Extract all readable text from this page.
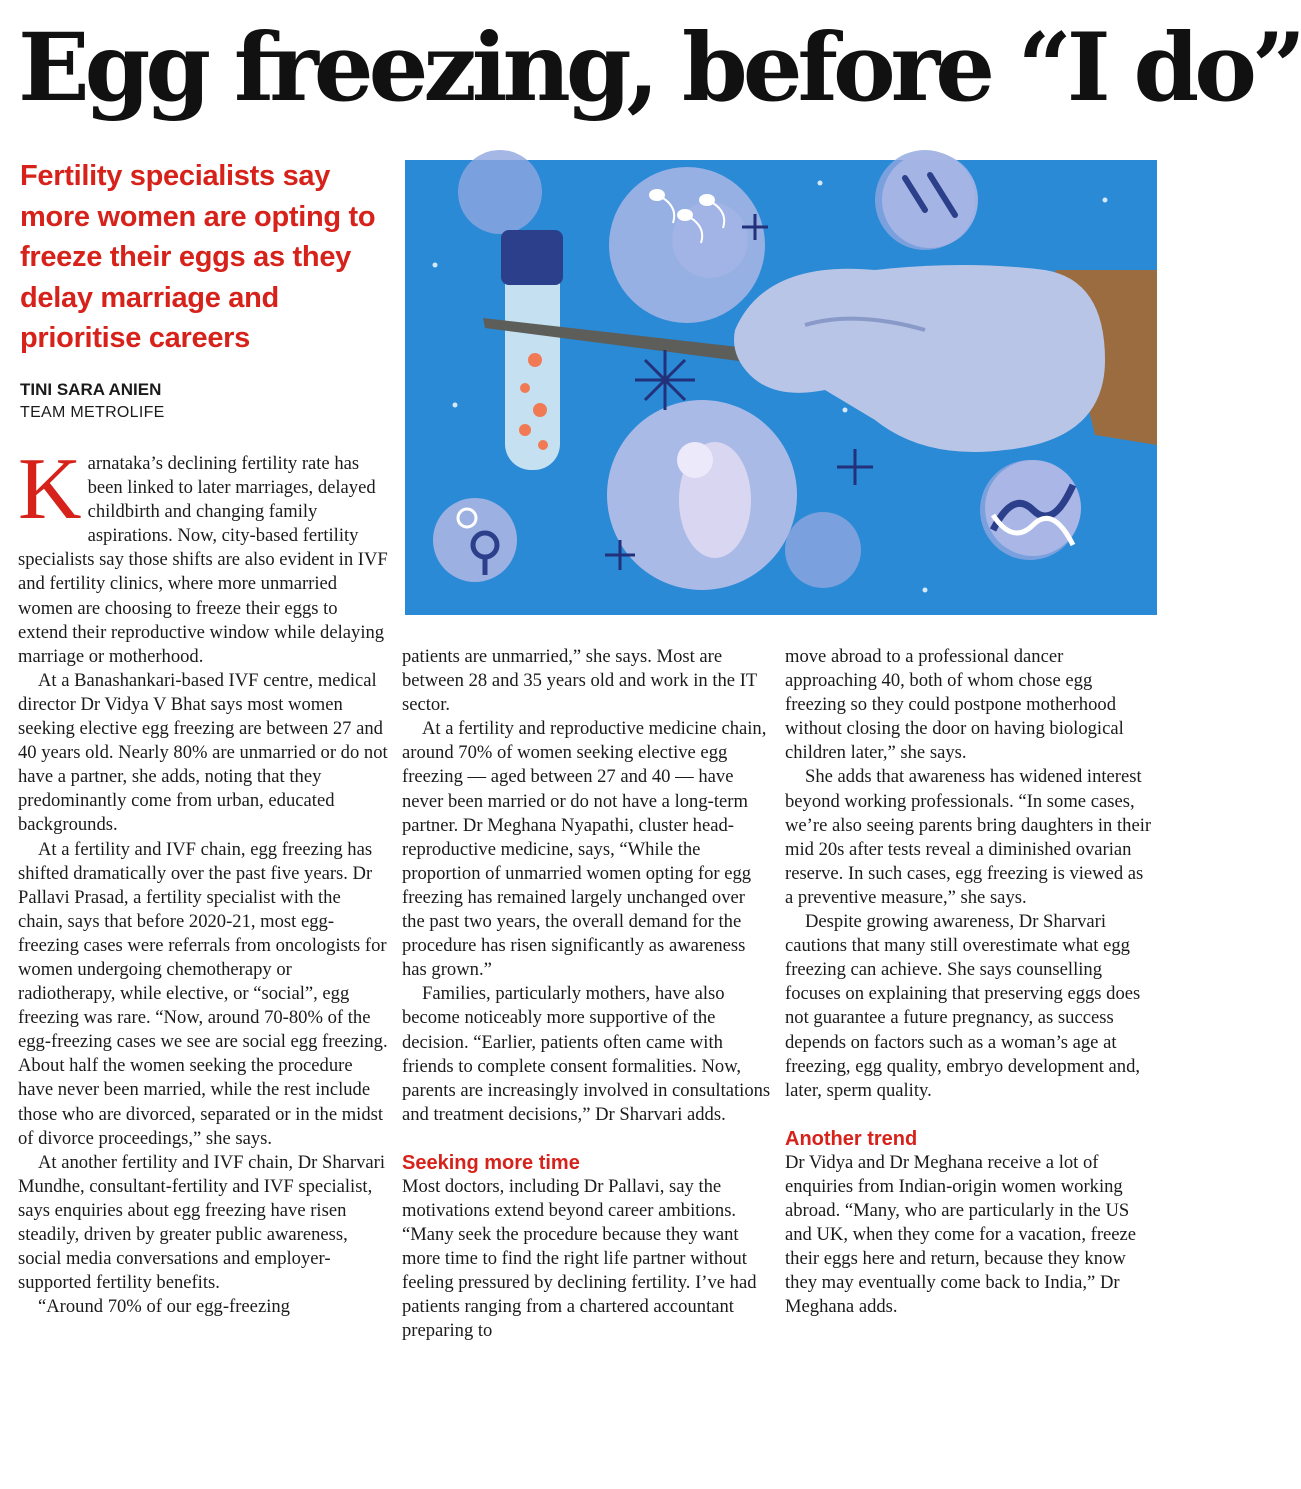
Egg freezing, before “I do”
Fertility specialists say more women are opting to freeze their eggs as they delay marriage and prioritise careers
TINI SARA ANIEN
TEAM METROLIFE

Karnataka’s declining fertility rate has been linked to later marriages, delayed childbirth and changing family aspirations. Now, city-based fertility specialists say those shifts are also evident in IVF and fertility clinics, where more unmarried women are choosing to freeze their eggs to extend their reproductive window while delaying marriage or motherhood.

At a Banashankari-based IVF centre, medical director Dr Vidya V Bhat says most women seeking elective egg freezing are between 27 and 40 years old. Nearly 80% are unmarried or do not have a partner, she adds, noting that they predominantly come from urban, educated backgrounds.

At a fertility and IVF chain, egg freezing has shifted dramatically over the past five years. Dr Pallavi Prasad, a fertility specialist with the chain, says that before 2020-21, most egg-freezing cases were referrals from oncologists for women undergoing chemotherapy or radiotherapy, while elective, or “social”, egg freezing was rare. “Now, around 70-80% of the egg-freezing cases we see are social egg freezing. About half the women seeking the procedure have never been married, while the rest include those who are divorced, separated or in the midst of divorce proceedings,” she says.

At another fertility and IVF chain, Dr Sharvari Mundhe, consultant-fertility and IVF specialist, says enquiries about egg freezing have risen steadily, driven by greater public awareness, social media conversations and employer-supported fertility benefits.

“Around 70% of our egg-freezing

patients are unmarried,” she says. Most are between 28 and 35 years old and work in the IT sector.

At a fertility and reproductive medicine chain, around 70% of women seeking elective egg freezing — aged between 27 and 40 — have never been married or do not have a long-term partner. Dr Meghana Nyapathi, cluster head-reproductive medicine, says, “While the proportion of unmarried women opting for egg freezing has remained largely unchanged over the past two years, the overall demand for the procedure has risen significantly as awareness has grown.”

Families, particularly mothers, have also become noticeably more supportive of the decision. “Earlier, patients often came with friends to complete consent formalities. Now, parents are increasingly involved in consultations and treatment decisions,” Dr Sharvari adds.

Seeking more time

Most doctors, including Dr Pallavi, say the motivations extend beyond career ambitions. “Many seek the procedure because they want more time to find the right life partner without feeling pressured by declining fertility. I’ve had patients ranging from a chartered accountant preparing to

move abroad to a professional dancer approaching 40, both of whom chose egg freezing so they could postpone motherhood without closing the door on having biological children later,” she says.

She adds that awareness has widened interest beyond working professionals. “In some cases, we’re also seeing parents bring daughters in their mid 20s after tests reveal a diminished ovarian reserve. In such cases, egg freezing is viewed as a preventive measure,” she says.

Despite growing awareness, Dr Sharvari cautions that many still overestimate what egg freezing can achieve. She says counselling focuses on explaining that preserving eggs does not guarantee a future pregnancy, as success depends on factors such as a woman’s age at freezing, egg quality, embryo development and, later, sperm quality.

Another trend

Dr Vidya and Dr Meghana receive a lot of enquiries from Indian-origin women working abroad. “Many, who are particularly in the US and UK, when they come for a vacation, freeze their eggs here and return, because they know they may eventually come back to India,” Dr Meghana adds.
